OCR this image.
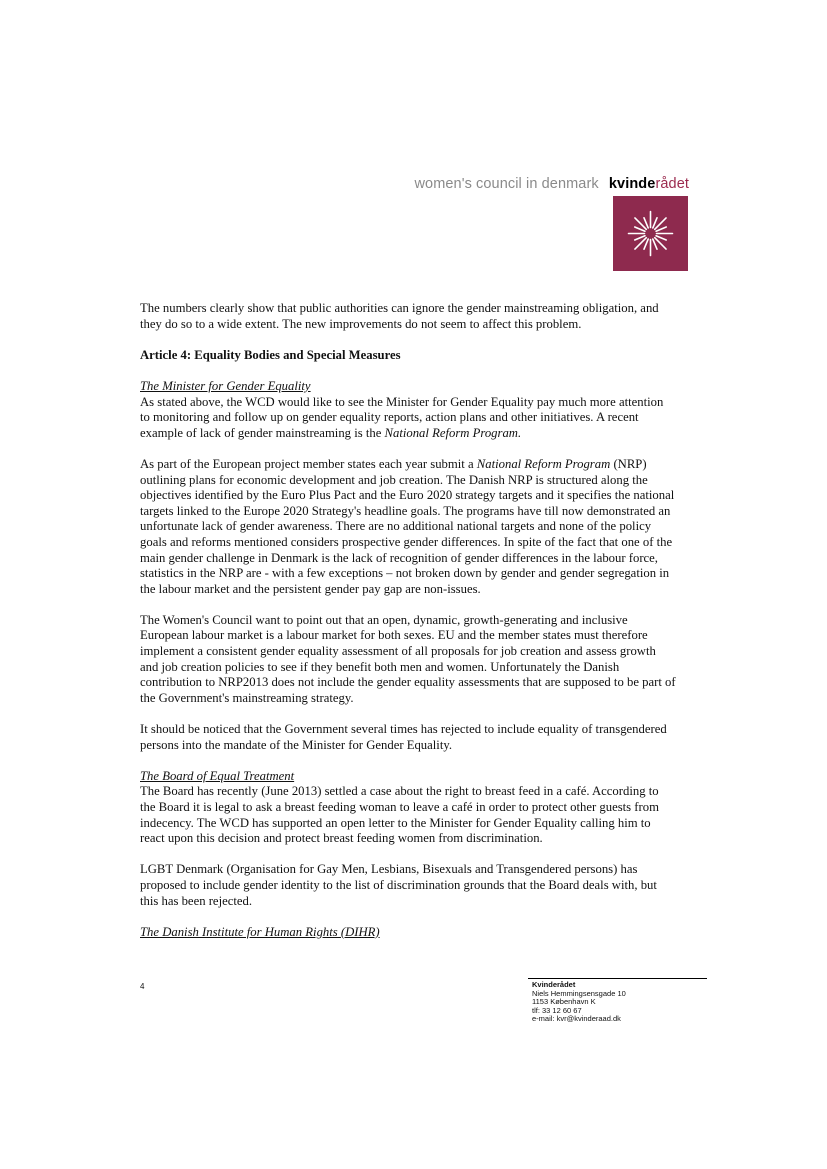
women's council in denmark kvinderådet

The numbers clearly show that public authorities can ignore the gender mainstreaming obligation, and they do so to a wide extent. The new improvements do not seem to affect this problem.

Article 4: Equality Bodies and Special Measures

The Minister for Gender Equality
As stated above, the WCD would like to see the Minister for Gender Equality pay much more attention to monitoring and follow up on gender equality reports, action plans and other initiatives. A recent example of lack of gender mainstreaming is the National Reform Program.

As part of the European project member states each year submit a National Reform Program (NRP) outlining plans for economic development and job creation. The Danish NRP is structured along the objectives identified by the Euro Plus Pact and the Euro 2020 strategy targets and it specifies the national targets linked to the Europe 2020 Strategy's headline goals. The programs have till now demonstrated an unfortunate lack of gender awareness. There are no additional national targets and none of the policy goals and reforms mentioned considers prospective gender differences. In spite of the fact that one of the main gender challenge in Denmark is the lack of recognition of gender differences in the labour force, statistics in the NRP are - with a few exceptions – not broken down by gender and gender segregation in the labour market and the persistent gender pay gap are non-issues.

The Women's Council want to point out that an open, dynamic, growth-generating and inclusive European labour market is a labour market for both sexes. EU and the member states must therefore implement a consistent gender equality assessment of all proposals for job creation and assess growth and job creation policies to see if they benefit both men and women. Unfortunately the Danish contribution to NRP2013 does not include the gender equality assessments that are supposed to be part of the Government's mainstreaming strategy.

It should be noticed that the Government several times has rejected to include equality of transgendered persons into the mandate of the Minister for Gender Equality.

The Board of Equal Treatment
The Board has recently (June 2013) settled a case about the right to breast feed in a café. According to the Board it is legal to ask a breast feeding woman to leave a café in order to protect other guests from indecency. The WCD has supported an open letter to the Minister for Gender Equality calling him to react upon this decision and protect breast feeding women from discrimination.

LGBT Denmark (Organisation for Gay Men, Lesbians, Bisexuals and Transgendered persons) has proposed to include gender identity to the list of discrimination grounds that the Board deals with, but this has been rejected.

The Danish Institute for Human Rights (DIHR)

4	Kvinderådet
Niels Hemmingsensgade 10
1153 København K
tlf: 33 12 60 67
e-mail: kvr@kvinderaad.dk
